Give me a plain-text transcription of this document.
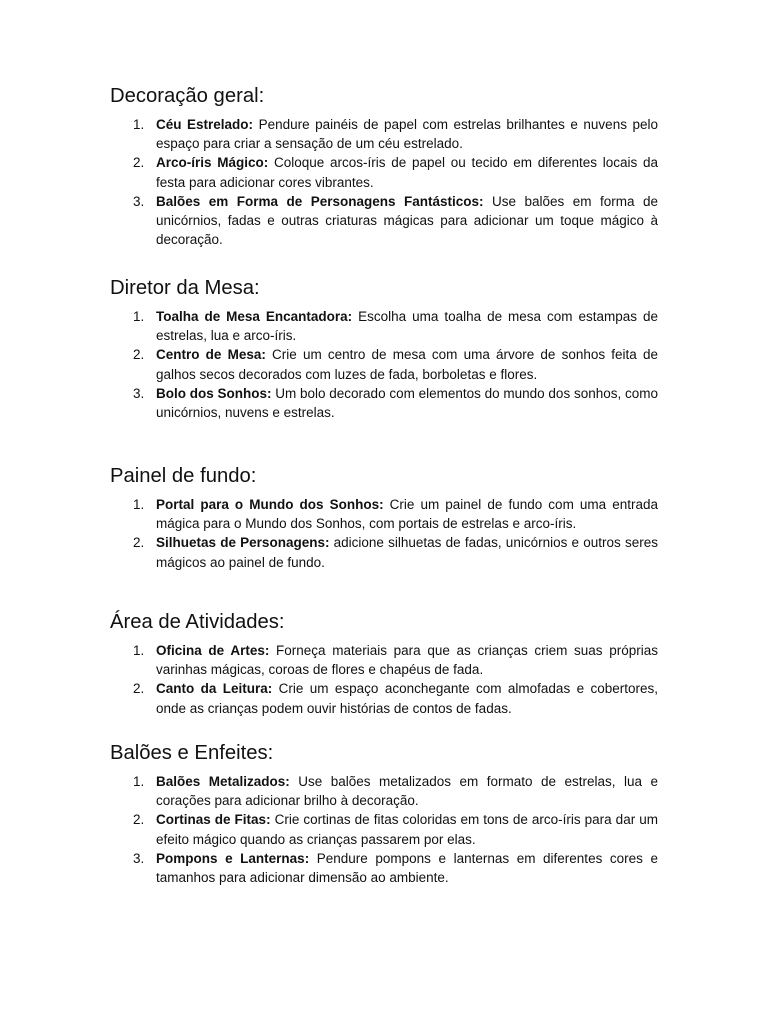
Decoração geral:
1. Céu Estrelado: Pendure painéis de papel com estrelas brilhantes e nuvens pelo espaço para criar a sensação de um céu estrelado.
2. Arco-íris Mágico: Coloque arcos-íris de papel ou tecido em diferentes locais da festa para adicionar cores vibrantes.
3. Balões em Forma de Personagens Fantásticos: Use balões em forma de unicórnios, fadas e outras criaturas mágicas para adicionar um toque mágico à decoração.
Diretor da Mesa:
1. Toalha de Mesa Encantadora: Escolha uma toalha de mesa com estampas de estrelas, lua e arco-íris.
2. Centro de Mesa: Crie um centro de mesa com uma árvore de sonhos feita de galhos secos decorados com luzes de fada, borboletas e flores.
3. Bolo dos Sonhos: Um bolo decorado com elementos do mundo dos sonhos, como unicórnios, nuvens e estrelas.
Painel de fundo:
1. Portal para o Mundo dos Sonhos: Crie um painel de fundo com uma entrada mágica para o Mundo dos Sonhos, com portais de estrelas e arco-íris.
2. Silhuetas de Personagens: adicione silhuetas de fadas, unicórnios e outros seres mágicos ao painel de fundo.
Área de Atividades:
1. Oficina de Artes: Forneça materiais para que as crianças criem suas próprias varinhas mágicas, coroas de flores e chapéus de fada.
2. Canto da Leitura: Crie um espaço aconchegante com almofadas e cobertores, onde as crianças podem ouvir histórias de contos de fadas.
Balões e Enfeites:
1. Balões Metalizados: Use balões metalizados em formato de estrelas, lua e corações para adicionar brilho à decoração.
2. Cortinas de Fitas: Crie cortinas de fitas coloridas em tons de arco-íris para dar um efeito mágico quando as crianças passarem por elas.
3. Pompons e Lanternas: Pendure pompons e lanternas em diferentes cores e tamanhos para adicionar dimensão ao ambiente.
